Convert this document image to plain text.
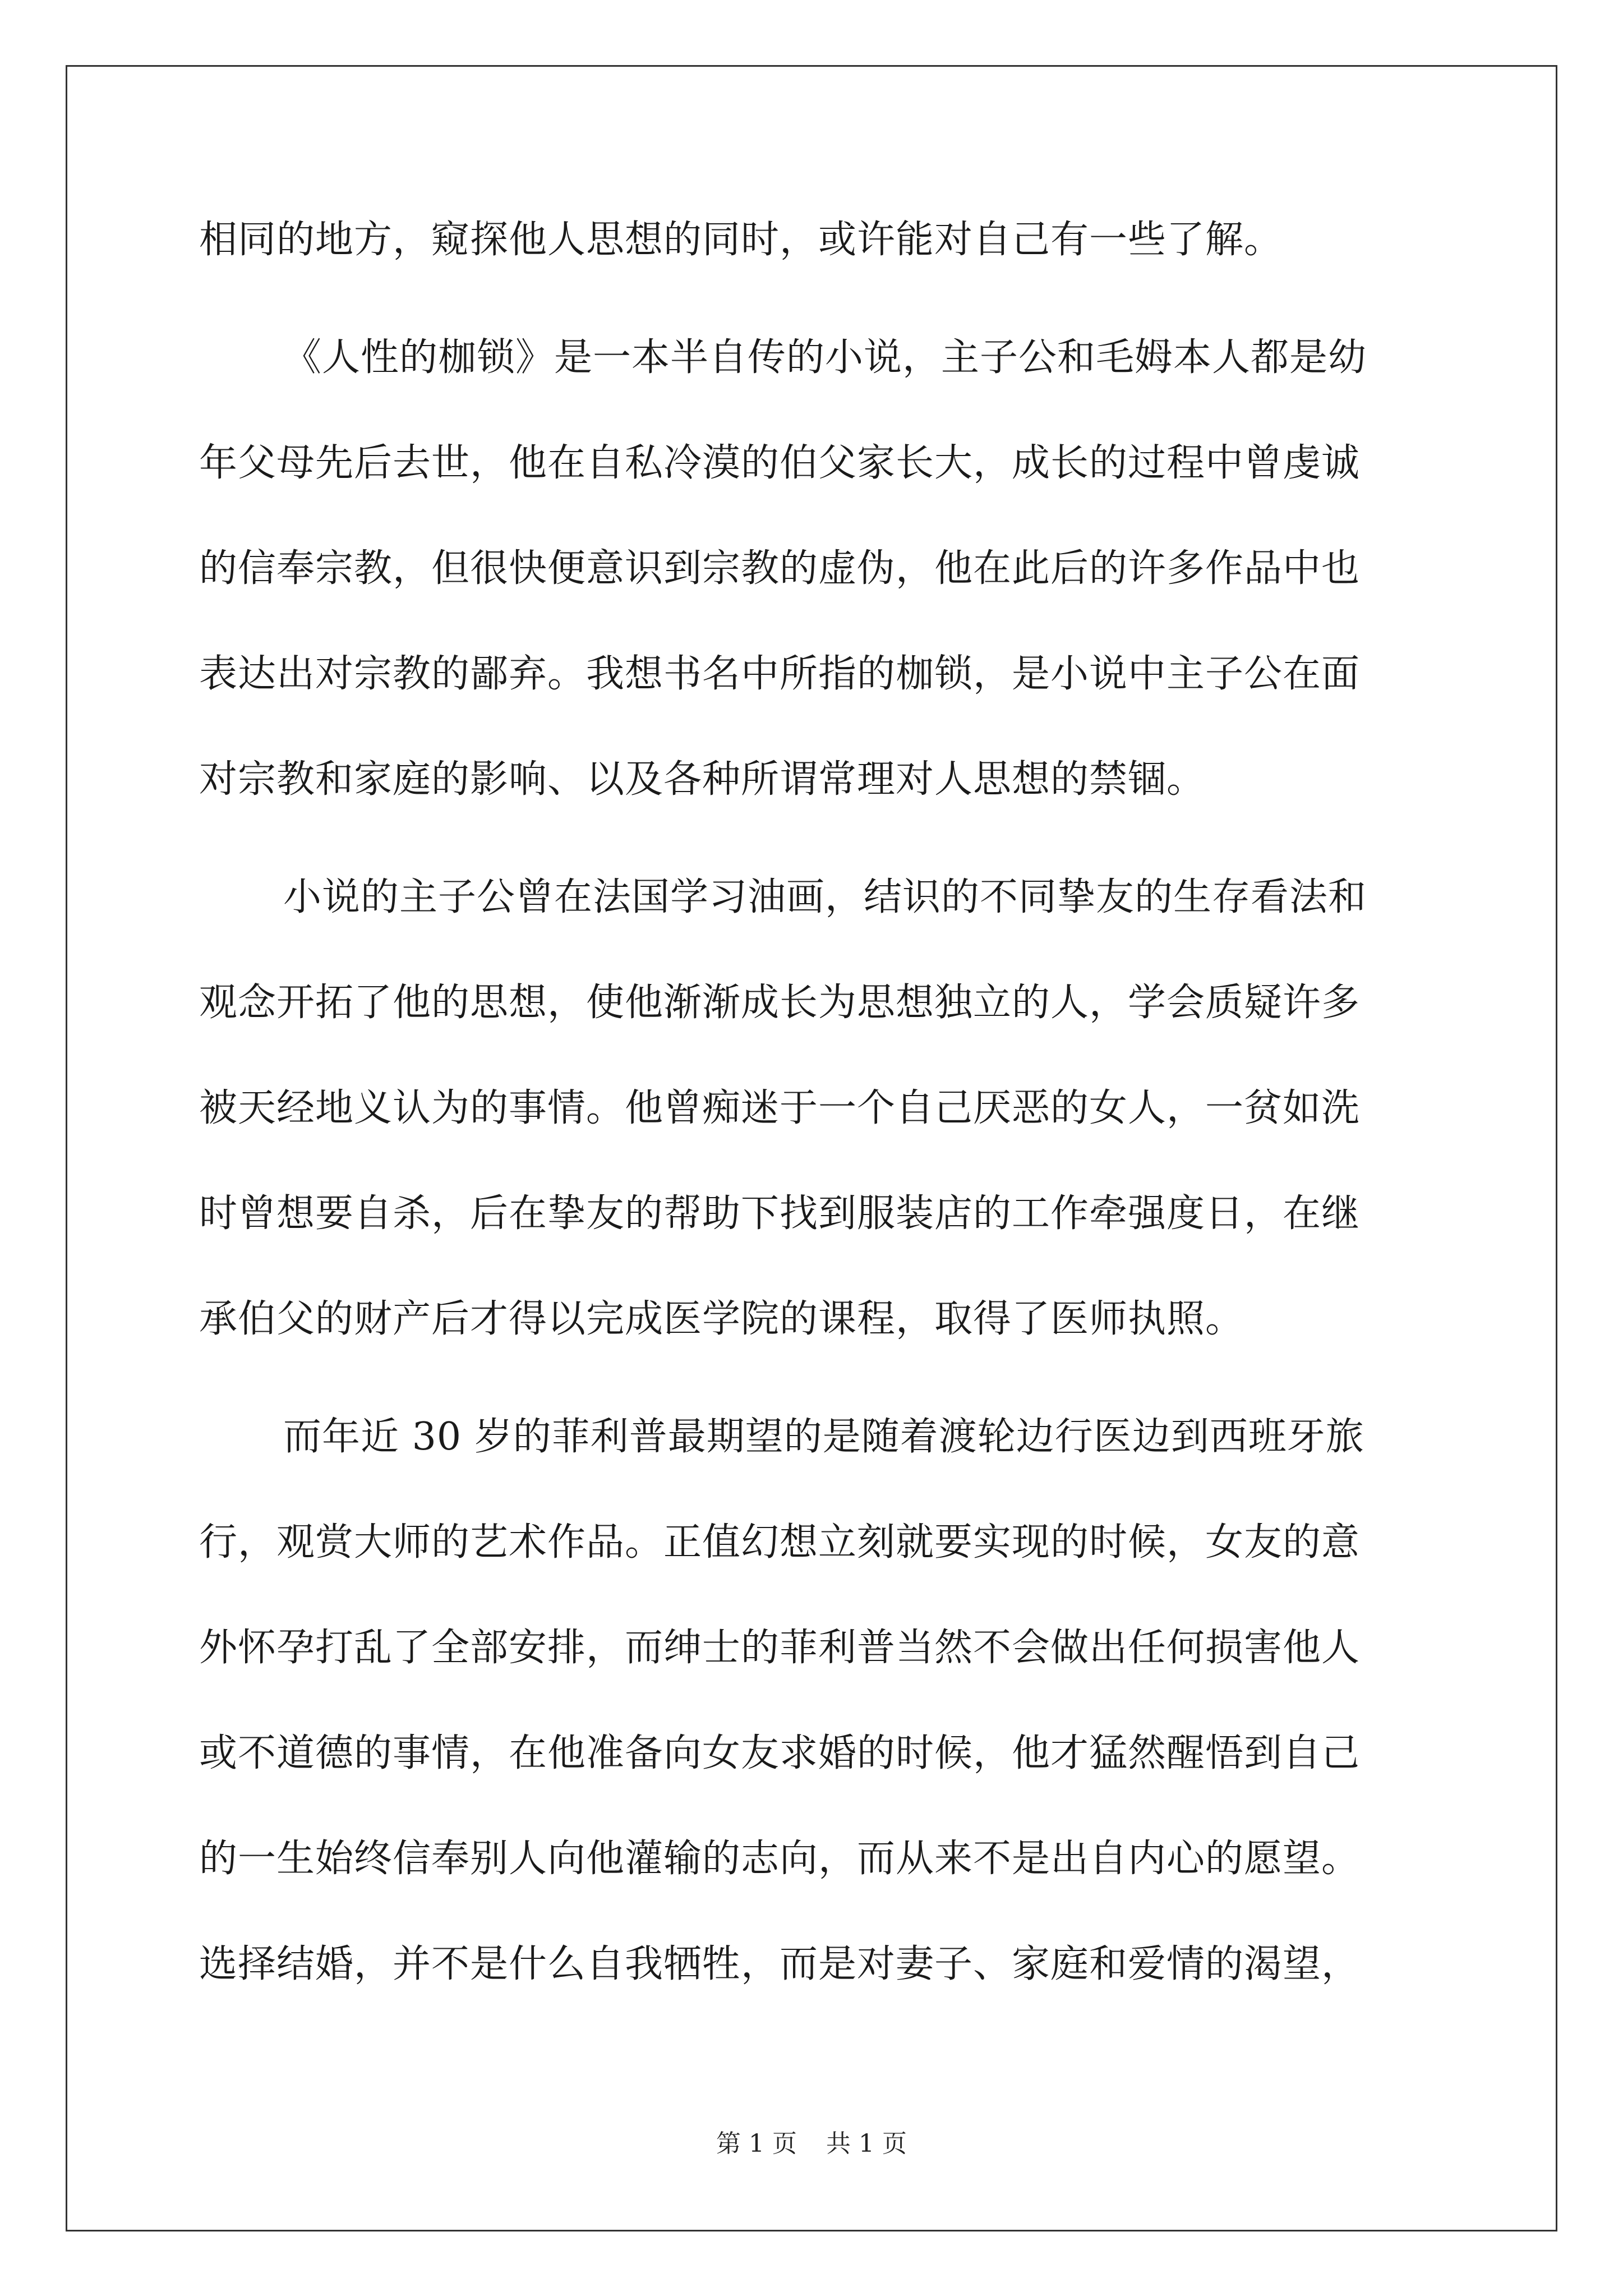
相同的地方，窥探他人思想的同时，或许能对自己有一些了解。
《人性的枷锁》是一本半自传的小说，主子公和毛姆本人都是幼
年父母先后去世，他在自私冷漠的伯父家长大，成长的过程中曾虔诚
的信奉宗教，但很快便意识到宗教的虚伪，他在此后的许多作品中也
表达出对宗教的鄙弃。我想书名中所指的枷锁，是小说中主子公在面
对宗教和家庭的影响、以及各种所谓常理对人思想的禁锢。
小说的主子公曾在法国学习油画，结识的不同挚友的生存看法和
观念开拓了他的思想，使他渐渐成长为思想独立的人，学会质疑许多
被天经地义认为的事情。他曾痴迷于一个自己厌恶的女人，一贫如洗
时曾想要自杀，后在挚友的帮助下找到服装店的工作牵强度日，在继
承伯父的财产后才得以完成医学院的课程，取得了医师执照。
而年近 30 岁的菲利普最期望的是随着渡轮边行医边到西班牙旅
行，观赏大师的艺术作品。正值幻想立刻就要实现的时候，女友的意
外怀孕打乱了全部安排，而绅士的菲利普当然不会做出任何损害他人
或不道德的事情，在他准备向女友求婚的时候，他才猛然醒悟到自己
的一生始终信奉别人向他灌输的志向，而从来不是出自内心的愿望。
选择结婚，并不是什么自我牺牲，而是对妻子、家庭和爱情的渴望，
第 1 页 共 1 页
